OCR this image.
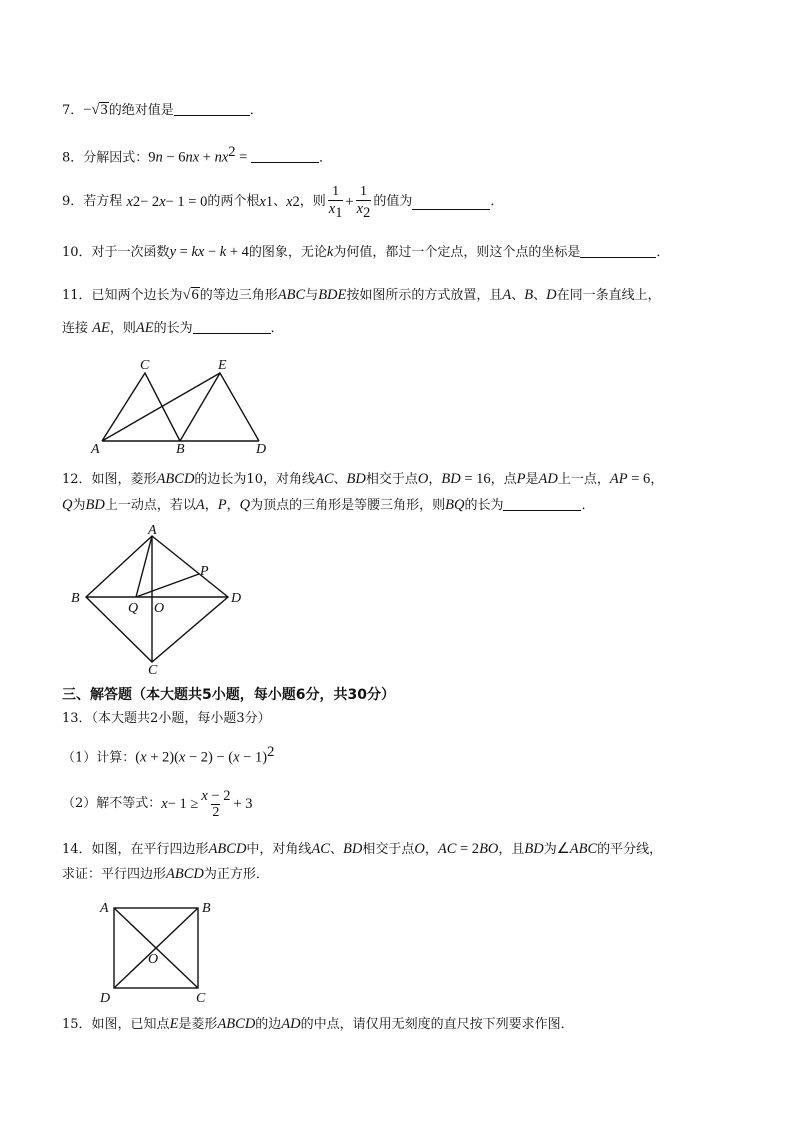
7．−√3的绝对值是	．
8．分解因式：$9n - 6nx + nx^2$ =	．
9． 若方程
x 2 − 2 x − 1 = 0 的两个根 x 1 、 x 2 ，则 $\frac{1}{x_1} + \frac{1}{x_2}$ 的值为	．
10．对于一次函数y = kx − k + 4的图象，无论k为何值，都过一个定点，则这个点的坐标是	．
11．已知两个边长为√6的等边三角形ABC与BDE按如图所示的方式放置，且A、B、D在同一条直线上，
连接 AE，则AE的长为	．
A
C
B
E
D
12．如图，菱形ABCD的边长为10，对角线AC、BD相交于点O，BD = 16，点P是AD上一点，AP = 6，
Q为BD上一动点，若以A，P，Q为顶点的三角形是等腰三角形，则BQ的长为	．
A
B	D
C
P
Q O
三、解答题（本大题共5小题，每小题6分，共30分）
13．（本大题共2小题，每小题3分）
（1）计算：$(x + 2)(x - 2) - (x - 1)^2$
（2）解不等式： $x - 1 \ge \frac{x - 2}{2} + 3$
14．如图，在平行四边形ABCD中，对角线AC、BD相交于点O，AC = 2BO，且BD为∠ABC的平分线，
求证：平行四边形ABCD为正方形．
A	B
D	C
O
15．如图，已知点E是菱形ABCD的边AD的中点，请仅用无刻度的直尺按下列要求作图．
